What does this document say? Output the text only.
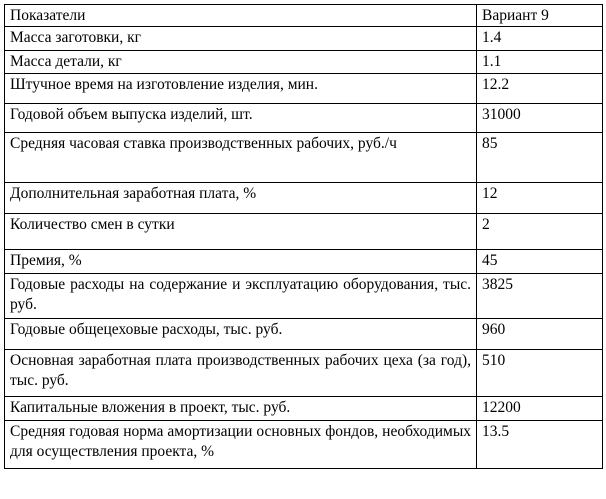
Показатели	Вариант 9
Масса заготовки, кг	1.4
Масса детали, кг	1.1
Штучное время на изготовление изделия, мин.	12.2
Годовой объем выпуска изделий, шт.	31000
Средняя часовая ставка производственных рабочих, руб./ч	85
Дополнительная заработная плата, %	12
Количество смен в сутки	2
Премия, %	45
Годовые расходы на содержание и эксплуатацию оборудования, тыс. руб.	3825
Годовые общецеховые расходы, тыс. руб.	960
Основная заработная плата производственных рабочих цеха (за год), тыс. руб.	510
Капитальные вложения в проект, тыс. руб.	12200
Средняя годовая норма амортизации основных фондов, необходимых для осуществления проекта, %	13.5
